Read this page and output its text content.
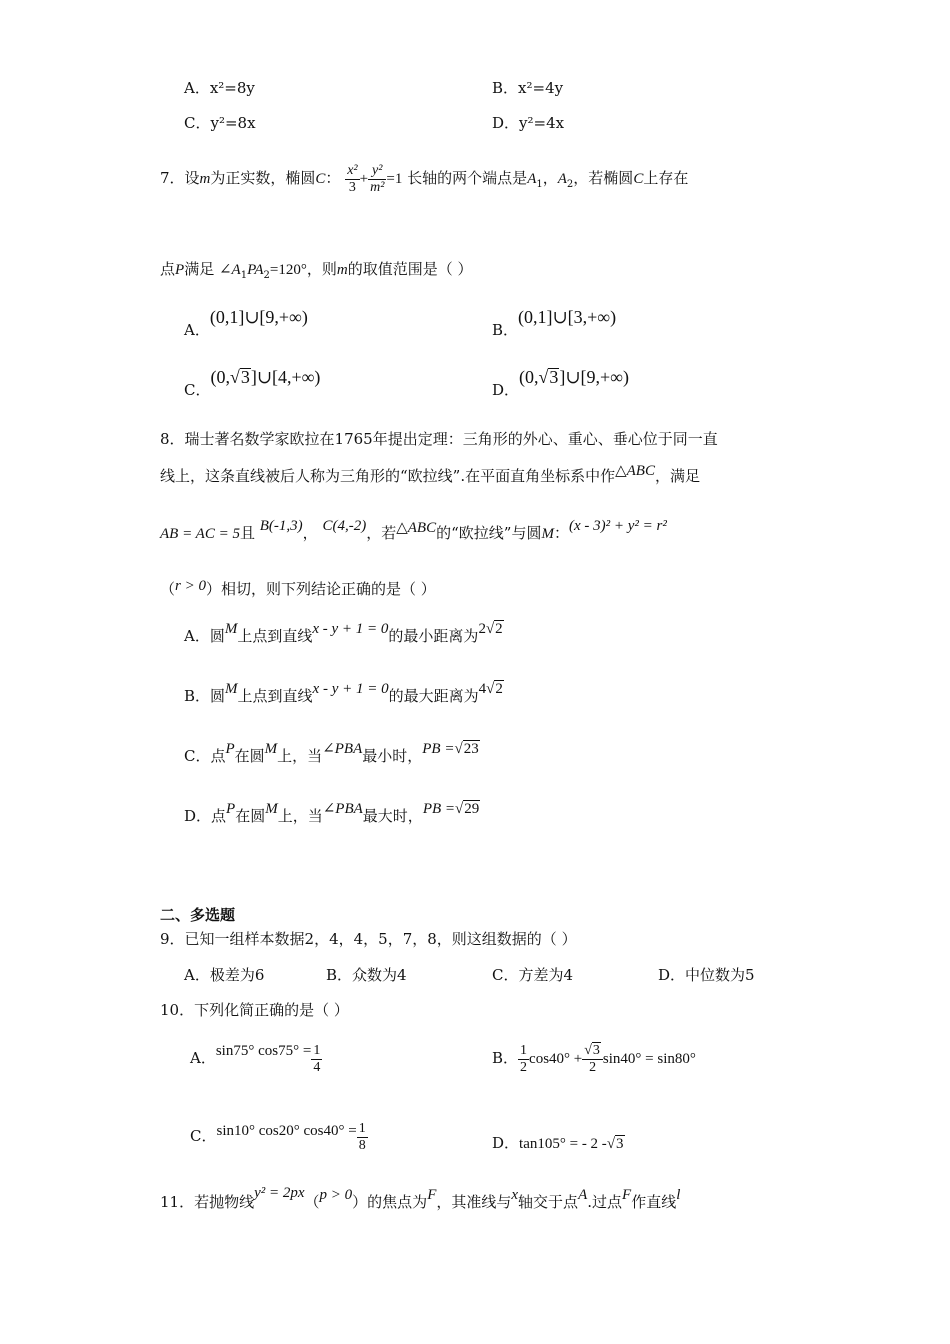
A．x²=8y	B．x²=4y
C．y²=8x	D．y²=4x
7．设m为正实数，椭圆C： $\frac{\text{x²}}{3} + \frac{\text{y²}}{\text{m²}} =1$ 长轴的两个端点是$A_1$，$A_2$，若椭圆C上存在
点P满足 $\angle A_1PA_2=120^\circ$，则m的取值范围是（ ）
A．(0,1]∪[9,+∞)
B．(0,1]∪[3,+∞)
C．(0,√3]∪[4,+∞)
D．(0,√3]∪[9,+∞)
8．瑞士著名数学家欧拉在1765年提出定理：三角形的外心、重心、垂心位于同一直
线上，这条直线被后人称为三角形的“欧拉线”.在平面直角坐标系中作△ABC，满足
AB = AC = 5且 B(-1,3)， C(4,-2)，若△ABC的“欧拉线”与圆M：(x - 3)² + y² = r²
（r > 0）相切，则下列结论正确的是（ ）
A．圆M上点到直线x - y + 1 = 0的最小距离为2√2
B．圆M上点到直线x - y + 1 = 0的最大距离为4√2
C．点P在圆M上，当∠PBA最小时，PB =√23
D．点P在圆M上，当∠PBA最大时，PB =√29
二、多选题
9．已知一组样本数据2，4，4，5，7，8，则这组数据的（ ）
A．极差为6	B．众数为4	C．方差为4	D．中位数为5
10．下列化简正确的是（ ）
A．sin75° $\cos 75^\circ = \frac{1}{4}$	B． $\frac{1}{2} \cos 40^\circ + \frac{√3}{2} \sin 40^\circ = \sin 80^\circ$
C．sin10° cos20° $\cos 40^\circ = \frac{1}{8}$	D．tan105° = - 2 -√3
11．若抛物线y² = 2px（p > 0）的焦点为F，其准线与x轴交于点A.过点F作直线l
